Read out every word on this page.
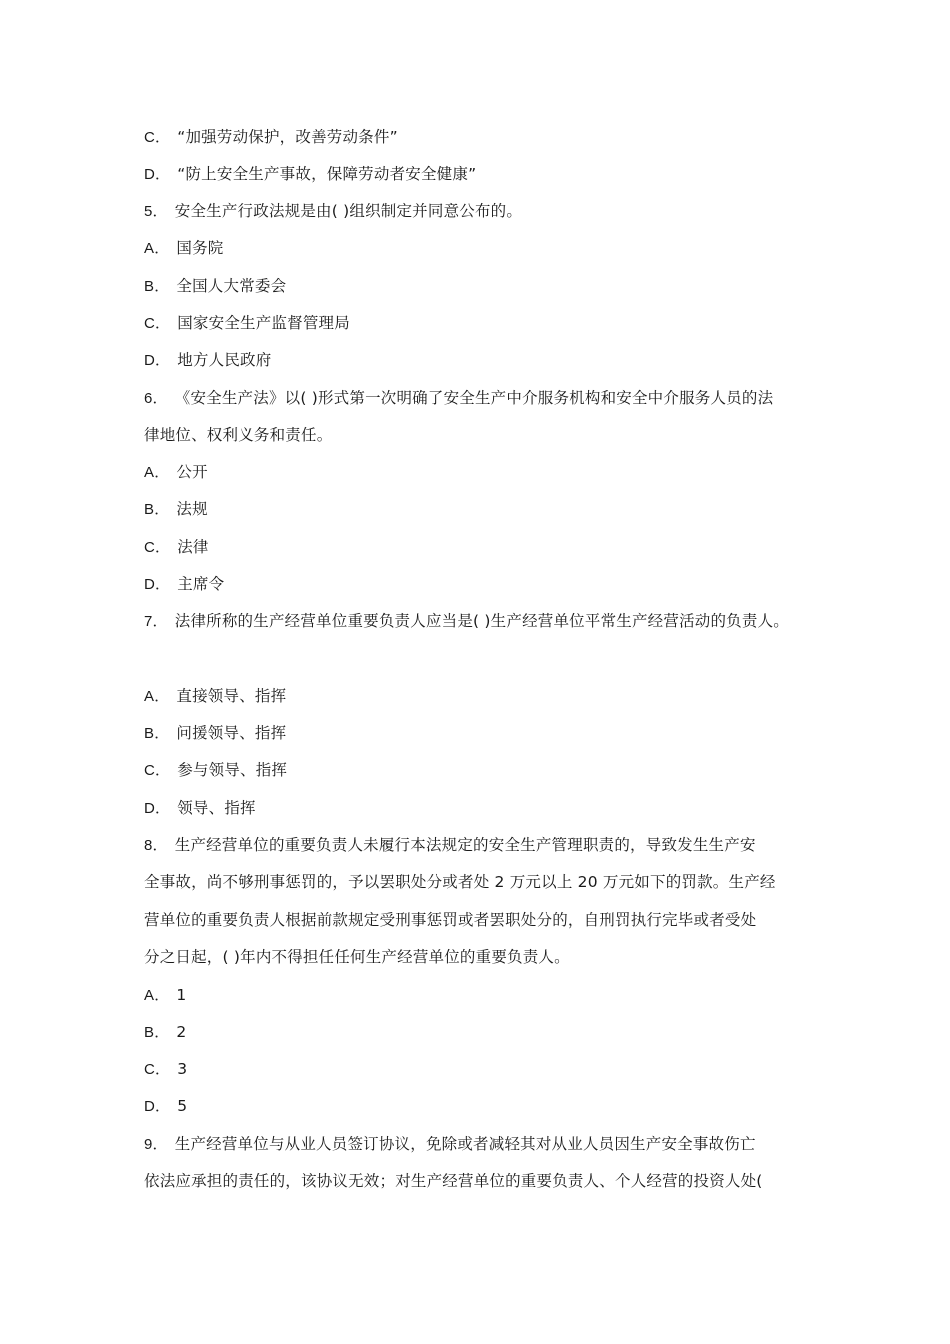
C． “加强劳动保护，改善劳动条件”
D． “防上安全生产事故，保障劳动者安全健康”
5． 安全生产行政法规是由( )组织制定并同意公布的。
A． 国务院
B． 全国人大常委会
C． 国家安全生产监督管理局
D． 地方人民政府
6． 《安全生产法》以( )形式第一次明确了安全生产中介服务机构和安全中介服务人员的法
律地位、权利义务和责任。
A． 公开
B． 法规
C． 法律
D． 主席令
7． 法律所称的生产经营单位重要负责人应当是( )生产经营单位平常生产经营活动的负责人。
A． 直接领导、指挥
B． 问援领导、指挥
C． 参与领导、指挥
D． 领导、指挥
8． 生产经营单位的重要负责人未履行本法规定的安全生产管理职责的，导致发生生产安
全事故，尚不够刑事惩罚的，予以罢职处分或者处 2 万元以上 20 万元如下的罚款。生产经
营单位的重要负责人根据前款规定受刑事惩罚或者罢职处分的，自刑罚执行完毕或者受处
分之日起，( )年内不得担任任何生产经营单位的重要负责人。
A． 1
B． 2
C． 3
D． 5
9． 生产经营单位与从业人员签订协议，免除或者减轻其对从业人员因生产安全事故伤亡
依法应承担的责任的，该协议无效；对生产经营单位的重要负责人、个人经营的投资人处(
